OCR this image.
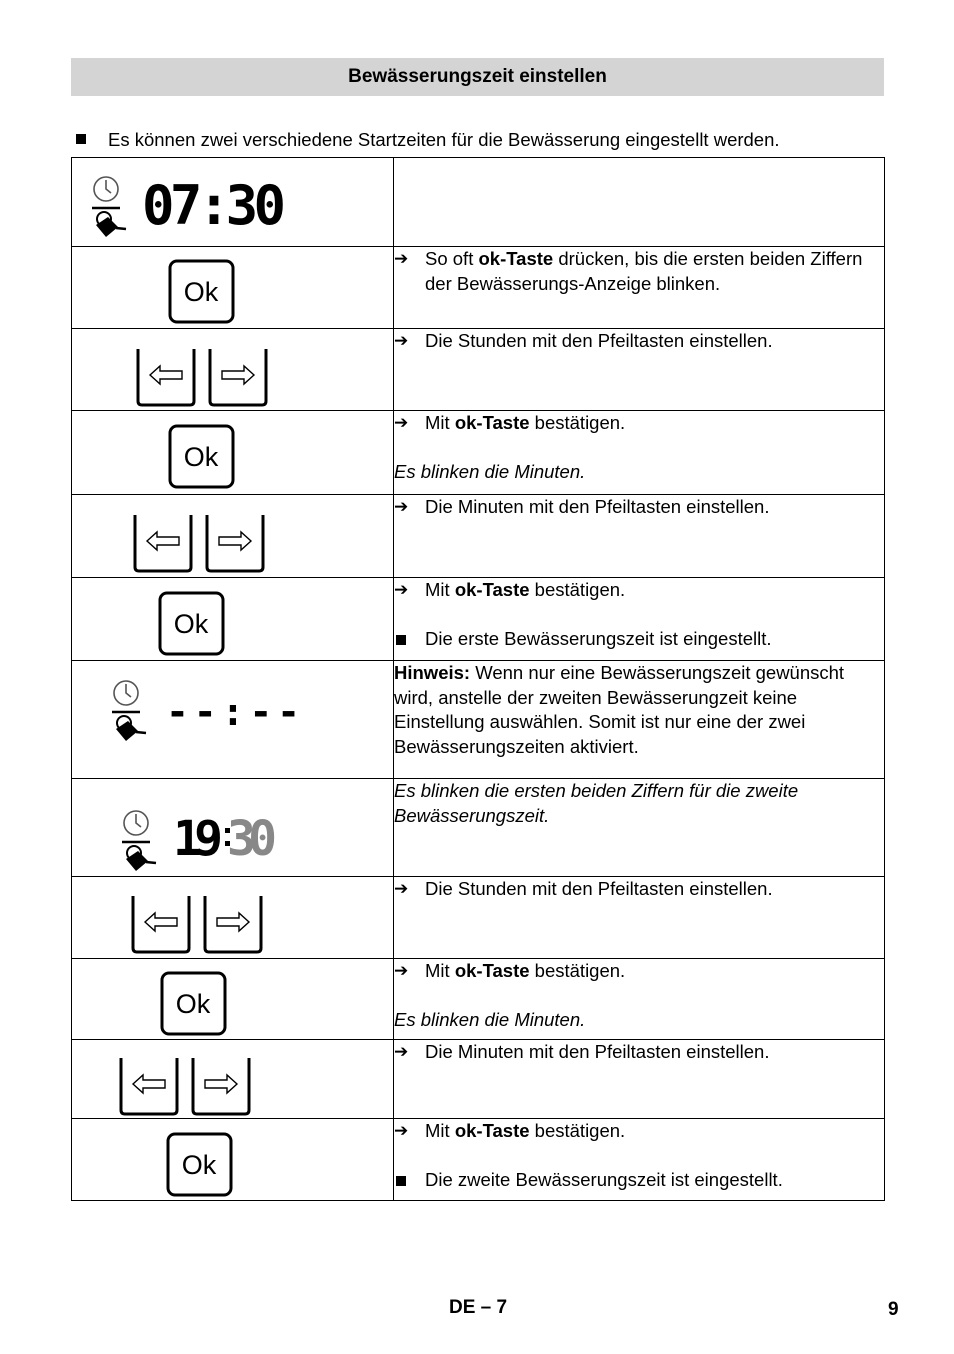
Bewässerungszeit einstellen
Es können zwei verschiedene Startzeiten für die Bewässerung eingestellt werden.
07:30	

Ok	➔ So oft ok-Taste drücken, bis die ersten beiden Ziffern der Bewässerungs-Anzeige blinken.

➔ Die Stunden mit den Pfeiltasten einstellen.

Ok	➔ Mit ok-Taste bestätigen.
Es blinken die Minuten.

➔ Die Minuten mit den Pfeiltasten einstellen.

Ok	➔ Mit ok-Taste bestätigen.
Die erste Bewässerungszeit ist eingestellt.

--:--	Hinweis: Wenn nur eine Bewässerungszeit gewünscht wird, anstelle der zweiten Bewässerungzeit keine Einstellung auswählen. Somit ist nur eine der zwei Bewässerungszeiten aktiviert.

19 30	Es blinken die ersten beiden Ziffern für die zweite Bewässerungszeit.

➔ Die Stunden mit den Pfeiltasten einstellen.

Ok	➔ Mit ok-Taste bestätigen.
Es blinken die Minuten.

➔ Die Minuten mit den Pfeiltasten einstellen.

Ok	➔ Mit ok-Taste bestätigen.
Die zweite Bewässerungszeit ist eingestellt.
DE – 7	9
